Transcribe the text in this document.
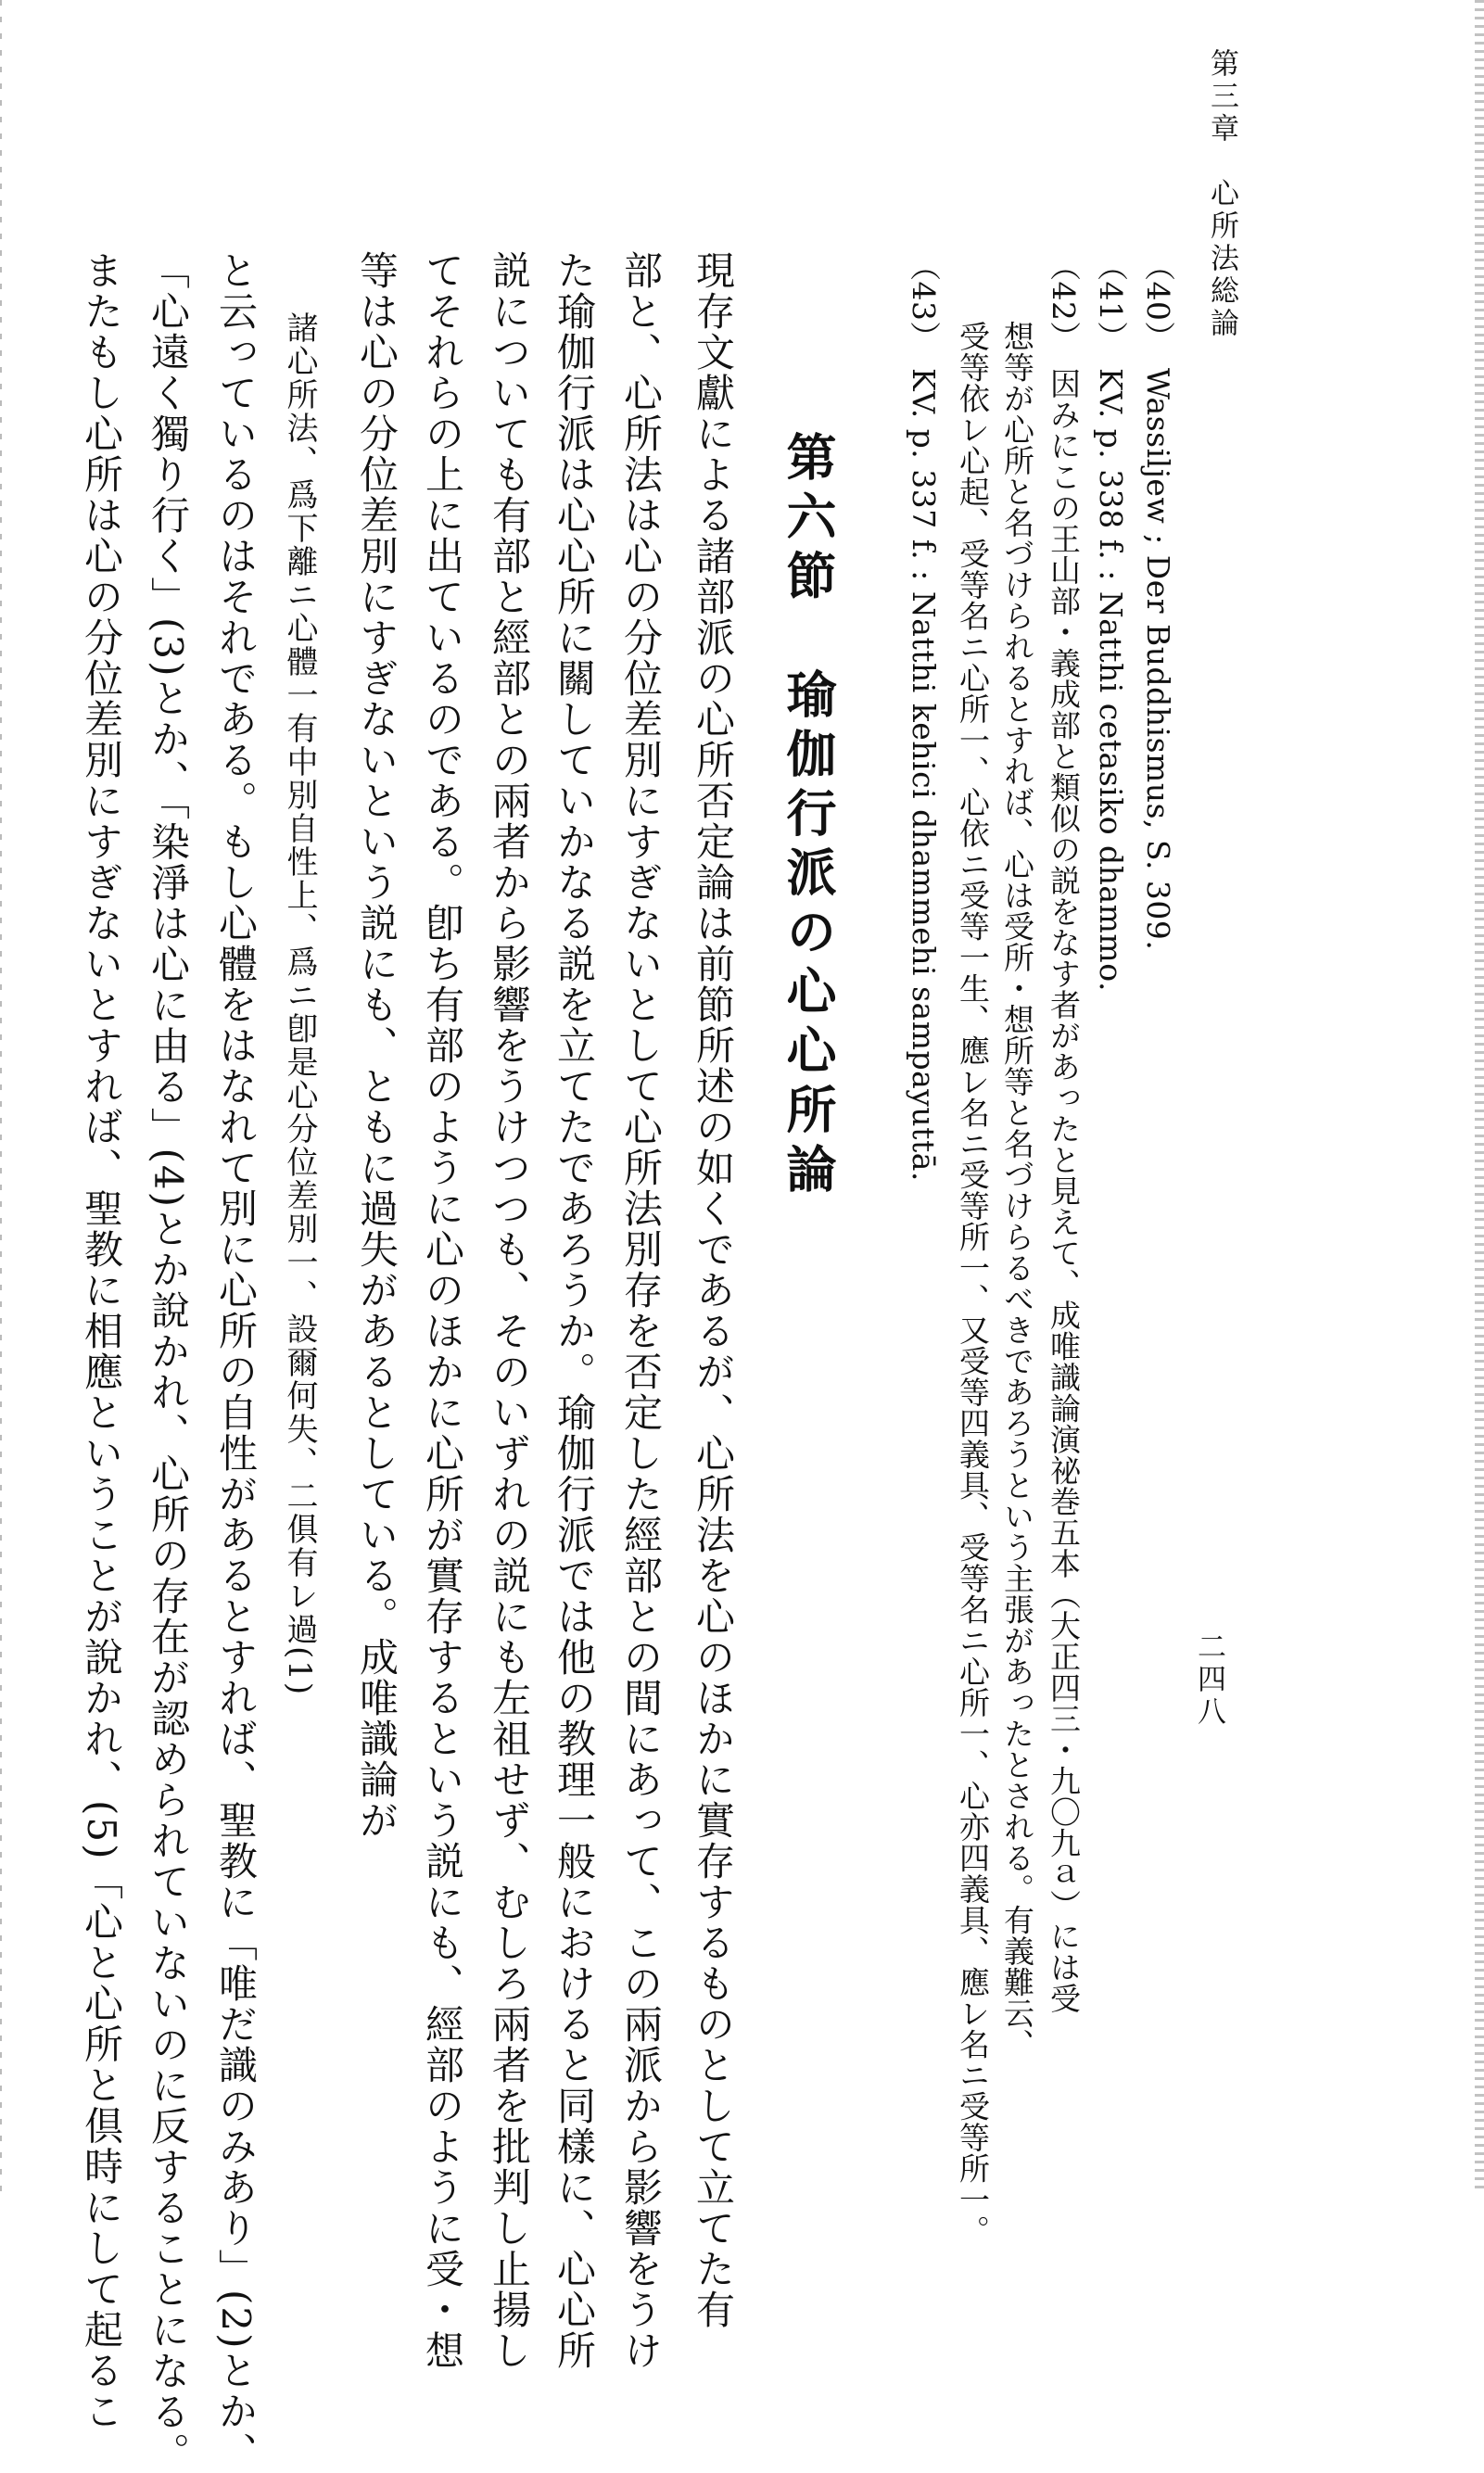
第三章　心所法総論
二四八
（40）　Wassiljew ; Der Buddhismus, S. 309.
（41）　KV. p. 338 f. : Natthi cetasiko dhammo.
（42）　因みにこの王山部・義成部と類似の説をなす者があったと見えて、成唯識論演祕巻五本（大正四三・九〇九ａ）には受
想等が心所と名づけられるとすれば、心は受所・想所等と名づけらるべきであろうという主張があったとされる。有義難云、
受等依レ心起、受等名ニ心所一、心依ニ受等一生、應レ名ニ受等所一、又受等四義具、受等名ニ心所一、心亦四義具、應レ名ニ受等所一。
（43）　KV. p. 337 f. : Natthi kehici dhammehi sampayuttā.
第六節　瑜伽行派の心心所論
現存文獻による諸部派の心所否定論は前節所述の如くであるが、心所法を心のほかに實存するものとして立てた有
部と、心所法は心の分位差別にすぎないとして心所法別存を否定した經部との間にあって、この兩派から影響をうけ
た瑜伽行派は心心所に關していかなる説を立てたであろうか。瑜伽行派では他の教理一般におけると同樣に、心心所
説についても有部と經部との兩者から影響をうけつつも、そのいずれの説にも左祖せず、むしろ兩者を批判し止揚し
てそれらの上に出ているのである。卽ち有部のように心のほかに心所が實存するという説にも、經部のように受・想
等は心の分位差別にすぎないという説にも、ともに過失があるとしている。成唯識論が
諸心所法、爲下離ニ心體一有中別自性上、爲ニ卽是心分位差別一、設爾何失、二俱有レ過(1)
と云っているのはそれである。もし心體をはなれて別に心所の自性があるとすれば、聖教に「唯だ識のみあり」(2)とか、
「心遠く獨り行く」(3)とか、「染淨は心に由る」(4)とか說かれ、心所の存在が認められていないのに反することになる。
またもし心所は心の分位差別にすぎないとすれば、聖教に相應ということが說かれ、(5)「心と心所と倶時にして起るこ
